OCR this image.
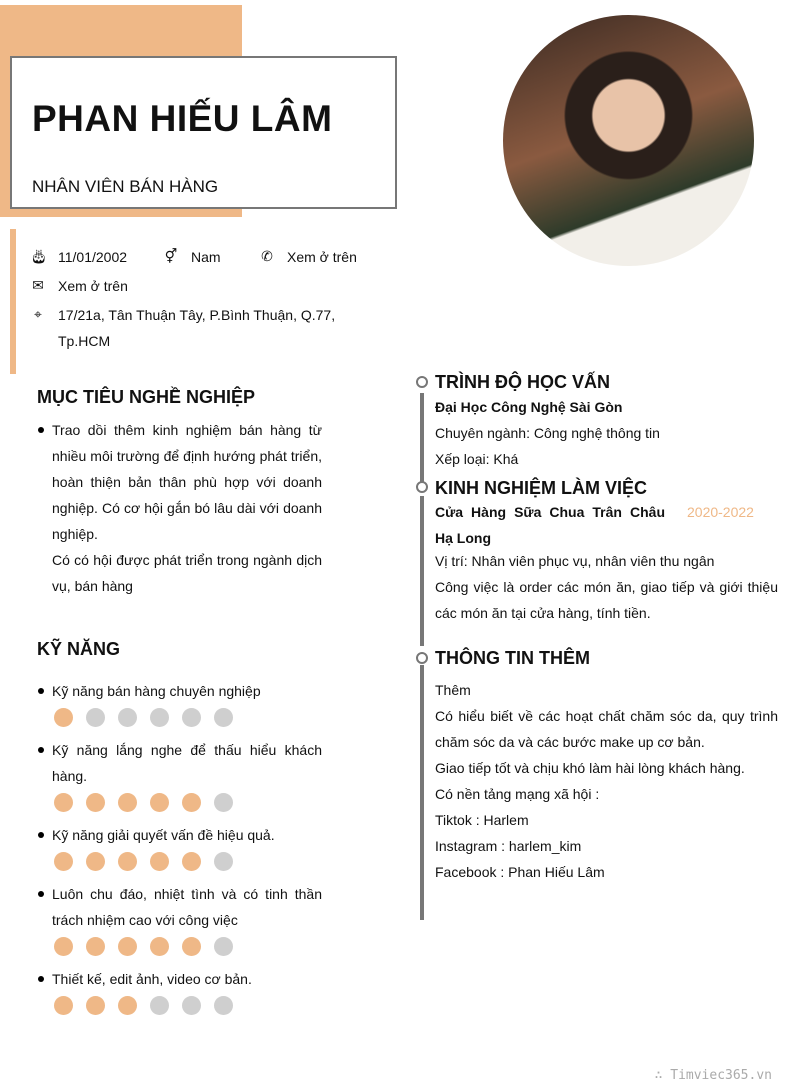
PHAN HIẾU LÂM
NHÂN VIÊN BÁN HÀNG
🎂︎ 11/01/2002	⚥ Nam	✆ Xem ở trên
✉ Xem ở trên
⌖ 17/21a, Tân Thuận Tây, P.Bình Thuận, Q.77, Tp.HCM
MỤC TIÊU NGHỀ NGHIỆP
Trao dồi thêm kinh nghiệm bán hàng từ nhiều môi trường để định hướng phát triển, hoàn thiện bản thân phù hợp với doanh nghiệp. Có cơ hội gắn bó lâu dài với doanh nghiệp.
Có có hội được phát triển trong ngành dịch vụ, bán hàng
KỸ NĂNG
Kỹ năng bán hàng chuyên nghiệp
Kỹ năng lắng nghe để thấu hiểu khách hàng.
Kỹ năng giải quyết vấn đề hiệu quả.
Luôn chu đáo, nhiệt tình và có tinh thần trách nhiệm cao với công việc
Thiết kế, edit ảnh, video cơ bản.
TRÌNH ĐỘ HỌC VẤN
Đại Học Công Nghệ Sài Gòn
Chuyên ngành: Công nghệ thông tin
Xếp loại: Khá
KINH NGHIỆM LÀM VIỆC
Cửa Hàng Sữa Chua Trân Châu Hạ Long
2020-2022
Vị trí: Nhân viên phục vụ, nhân viên thu ngân
Công việc là order các món ăn, giao tiếp và giới thiệu các món ăn tại cửa hàng, tính tiền.
THÔNG TIN THÊM
Thêm
Có hiểu biết về các hoạt chất chăm sóc da, quy trình chăm sóc da và các bước make up cơ bản.
Giao tiếp tốt và chịu khó làm hài lòng khách hàng.
Có nền tảng mạng xã hội :
Tiktok : Harlem
Instagram : harlem_kim
Facebook : Phan Hiếu Lâm
∴ Timviec365.vn
